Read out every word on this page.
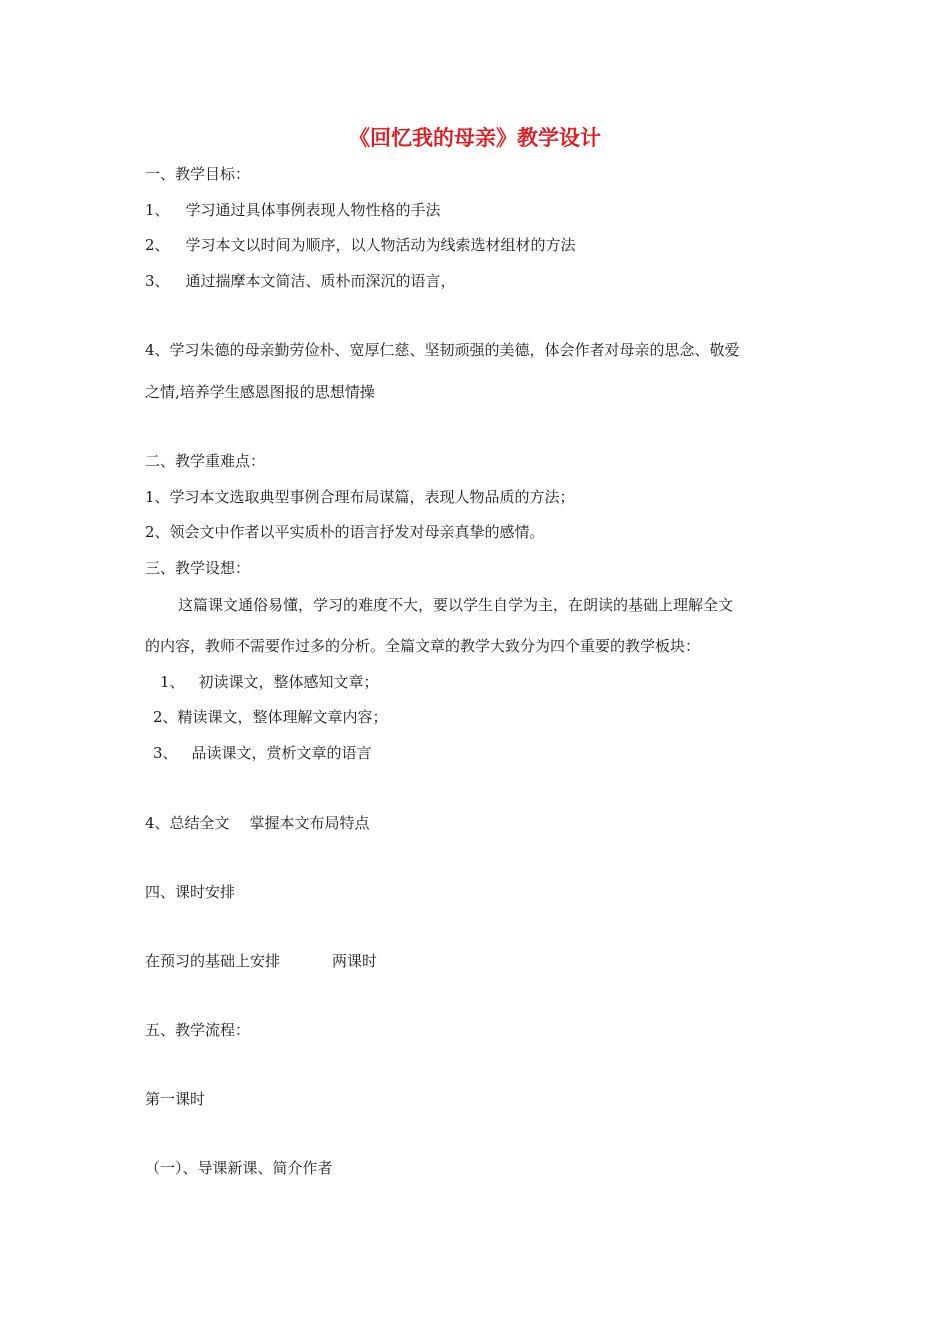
《回忆我的母亲》教学设计
一、教学目标：
1、 学习通过具体事例表现人物性格的手法
2、 学习本文以时间为顺序，以人物活动为线索选材组材的方法
3、 通过揣摩本文简洁、质朴而深沉的语言，
4、学习朱德的母亲勤劳俭朴、宽厚仁慈、坚韧顽强的美德，体会作者对母亲的思念、敬爱
之情,培养学生感恩图报的思想情操
二、教学重难点：
1、学习本文选取典型事例合理布局谋篇，表现人物品质的方法；
2、领会文中作者以平实质朴的语言抒发对母亲真挚的感情。
三、教学设想：
这篇课文通俗易懂，学习的难度不大，要以学生自学为主，在朗读的基础上理解全文
的内容，教师不需要作过多的分析。全篇文章的教学大致分为四个重要的教学板块：
1、 初读课文，整体感知文章；
2、精读课文，整体理解文章内容；
3、 品读课文，赏析文章的语言
4、总结全文 掌握本文布局特点
四、课时安排
在预习的基础上安排	两课时
五、教学流程：
第一课时
（一）、导课新课、简介作者
